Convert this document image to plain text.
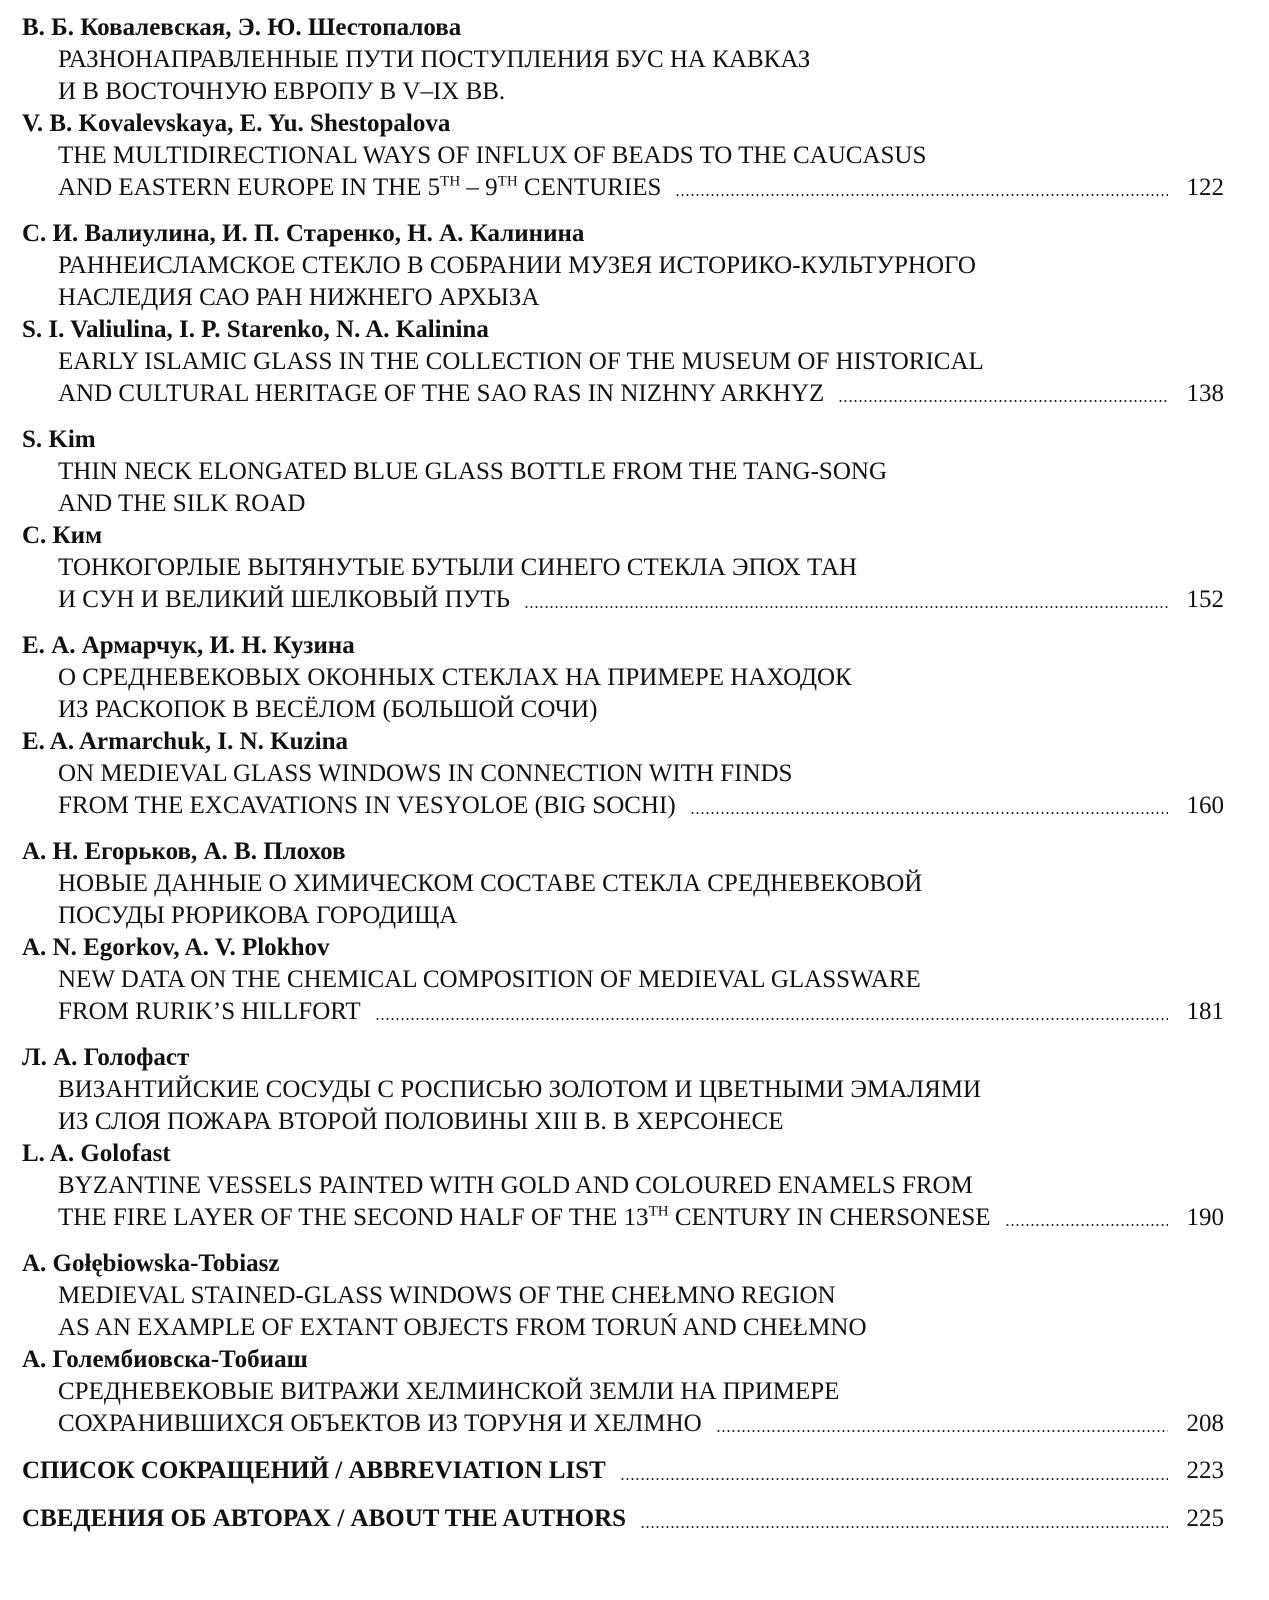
В. Б. Ковалевская, Э. Ю. Шестопалова
РАЗНОНАПРАВЛЕННЫЕ ПУТИ ПОСТУПЛЕНИЯ БУС НА КАВКАЗ
И В ВОСТОЧНУЮ ЕВРОПУ В V–IX ВВ.
V. B. Kovalevskaya, E. Yu. Shestopalova
THE MULTIDIRECTIONAL WAYS OF INFLUX OF BEADS TO THE CAUCASUS
AND EASTERN EUROPE IN THE 5TH – 9TH CENTURIES	122
С. И. Валиулина, И. П. Старенко, Н. А. Калинина
РАННЕИСЛАМСКОЕ СТЕКЛО В СОБРАНИИ МУЗЕЯ ИСТОРИКО-КУЛЬТУРНОГО
НАСЛЕДИЯ САО РАН НИЖНЕГО АРХЫЗА
S. I. Valiulina, I. P. Starenko, N. A. Kalinina
EARLY ISLAMIC GLASS IN THE COLLECTION OF THE MUSEUM OF HISTORICAL
AND CULTURAL HERITAGE OF THE SAO RAS IN NIZHNY ARKHYZ	138
S. Kim
THIN NECK ELONGATED BLUE GLASS BOTTLE FROM THE TANG-SONG
AND THE SILK ROAD
С. Ким
ТОНКОГОРЛЫЕ ВЫТЯНУТЫЕ БУТЫЛИ СИНЕГО СТЕКЛА ЭПОХ ТАН
И СУН И ВЕЛИКИЙ ШЕЛКОВЫЙ ПУТЬ	152
Е. А. Армарчук, И. Н. Кузина
О СРЕДНЕВЕКОВЫХ ОКОННЫХ СТЕКЛАХ НА ПРИМЕРЕ НАХОДОК
ИЗ РАСКОПОК В ВЕСЁЛОМ (БОЛЬШОЙ СОЧИ)
E. A. Armarchuk, I. N. Kuzina
ON MEDIEVAL GLASS WINDOWS IN CONNECTION WITH FINDS
FROM THE EXCAVATIONS IN VESYOLOE (BIG SOCHI)	160
А. Н. Егорьков, А. В. Плохов
НОВЫЕ ДАННЫЕ О ХИМИЧЕСКОМ СОСТАВЕ СТЕКЛА СРЕДНЕВЕКОВОЙ
ПОСУДЫ РЮРИКОВА ГОРОДИЩА
A. N. Egorkov, A. V. Plokhov
NEW DATA ON THE CHEMICAL COMPOSITION OF MEDIEVAL GLASSWARE
FROM RURIK’S HILLFORT	181
Л. А. Голофаст
ВИЗАНТИЙСКИЕ СОСУДЫ С РОСПИСЬЮ ЗОЛОТОМ И ЦВЕТНЫМИ ЭМАЛЯМИ
ИЗ СЛОЯ ПОЖАРА ВТОРОЙ ПОЛОВИНЫ XIII В. В ХЕРСОНЕСЕ
L. A. Golofast
BYZANTINE VESSELS PAINTED WITH GOLD AND COLOURED ENAMELS FROM
THE FIRE LAYER OF THE SECOND HALF OF THE 13TH CENTURY IN CHERSONESE	190
A. Gołębiowska-Tobiasz
MEDIEVAL STAINED-GLASS WINDOWS OF THE CHEŁMNO REGION
AS AN EXAMPLE OF EXTANT OBJECTS FROM TORUŃ AND CHEŁMNO
А. Голембиовска-Тобиаш
СРЕДНЕВЕКОВЫЕ ВИТРАЖИ ХЕЛМИНСКОЙ ЗЕМЛИ НА ПРИМЕРЕ
СОХРАНИВШИХСЯ ОБЪЕКТОВ ИЗ ТОРУНЯ И ХЕЛМНО	208
СПИСОК СОКРАЩЕНИЙ / ABBREVIATION LIST	223
СВЕДЕНИЯ ОБ АВТОРАХ / ABOUT THE AUTHORS	225
